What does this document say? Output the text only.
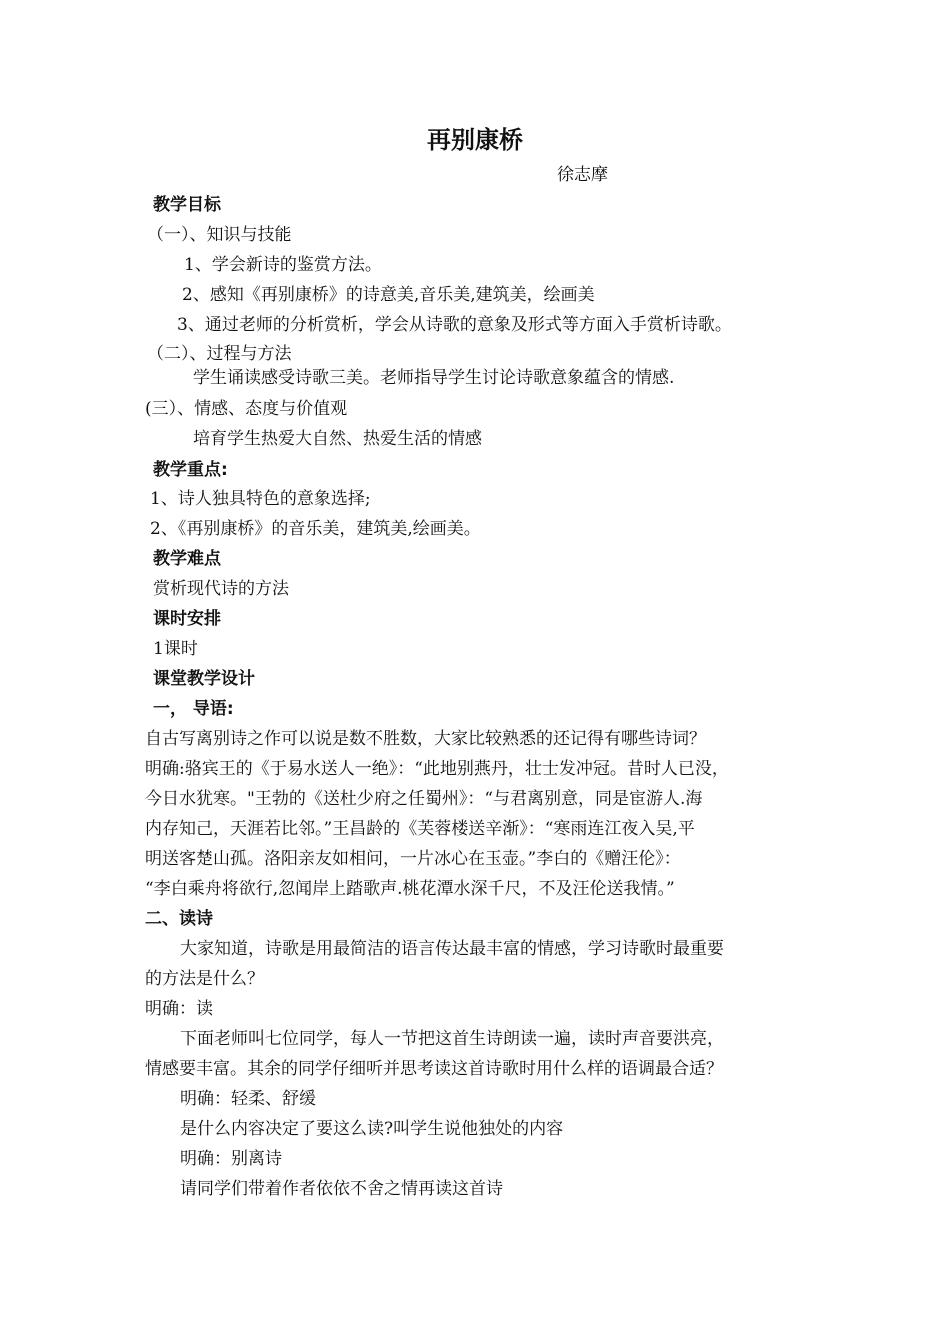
再别康桥
徐志摩
教学目标
（一）、知识与技能
1、学会新诗的鉴赏方法。
2、感知《再别康桥》的诗意美,音乐美,建筑美，绘画美
3、通过老师的分析赏析，学会从诗歌的意象及形式等方面入手赏析诗歌。
（二）、过程与方法
学生诵读感受诗歌三美。老师指导学生讨论诗歌意象蕴含的情感.
(三）、情感、态度与价值观
培育学生热爱大自然、热爱生活的情感
教学重点:
1、诗人独具特色的意象选择;
2、《再别康桥》的音乐美，建筑美,绘画美。
教学难点
赏析现代诗的方法
课时安排
1课时
课堂教学设计
一， 导语:
自古写离别诗之作可以说是数不胜数，大家比较熟悉的还记得有哪些诗词？
明确:骆宾王的《于易水送人一绝》：“此地别燕丹，壮士发冲冠。昔时人已没，
今日水犹寒。"王勃的《送杜少府之任蜀州》：“与君离别意，同是宦游人.海
内存知己，天涯若比邻。”王昌龄的《芙蓉楼送辛渐》：“寒雨连江夜入吴,平
明送客楚山孤。洛阳亲友如相问，一片冰心在玉壶。”李白的《赠汪伦》：
“李白乘舟将欲行,忽闻岸上踏歌声.桃花潭水深千尺，不及汪伦送我情。”
二、读诗
大家知道，诗歌是用最简洁的语言传达最丰富的情感，学习诗歌时最重要
的方法是什么？
明确：读
下面老师叫七位同学，每人一节把这首生诗朗读一遍，读时声音要洪亮，
情感要丰富。其余的同学仔细听并思考读这首诗歌时用什么样的语调最合适？
明确：轻柔、舒缓
是什么内容决定了要这么读?叫学生说他独处的内容
明确：别离诗
请同学们带着作者依依不舍之情再读这首诗
